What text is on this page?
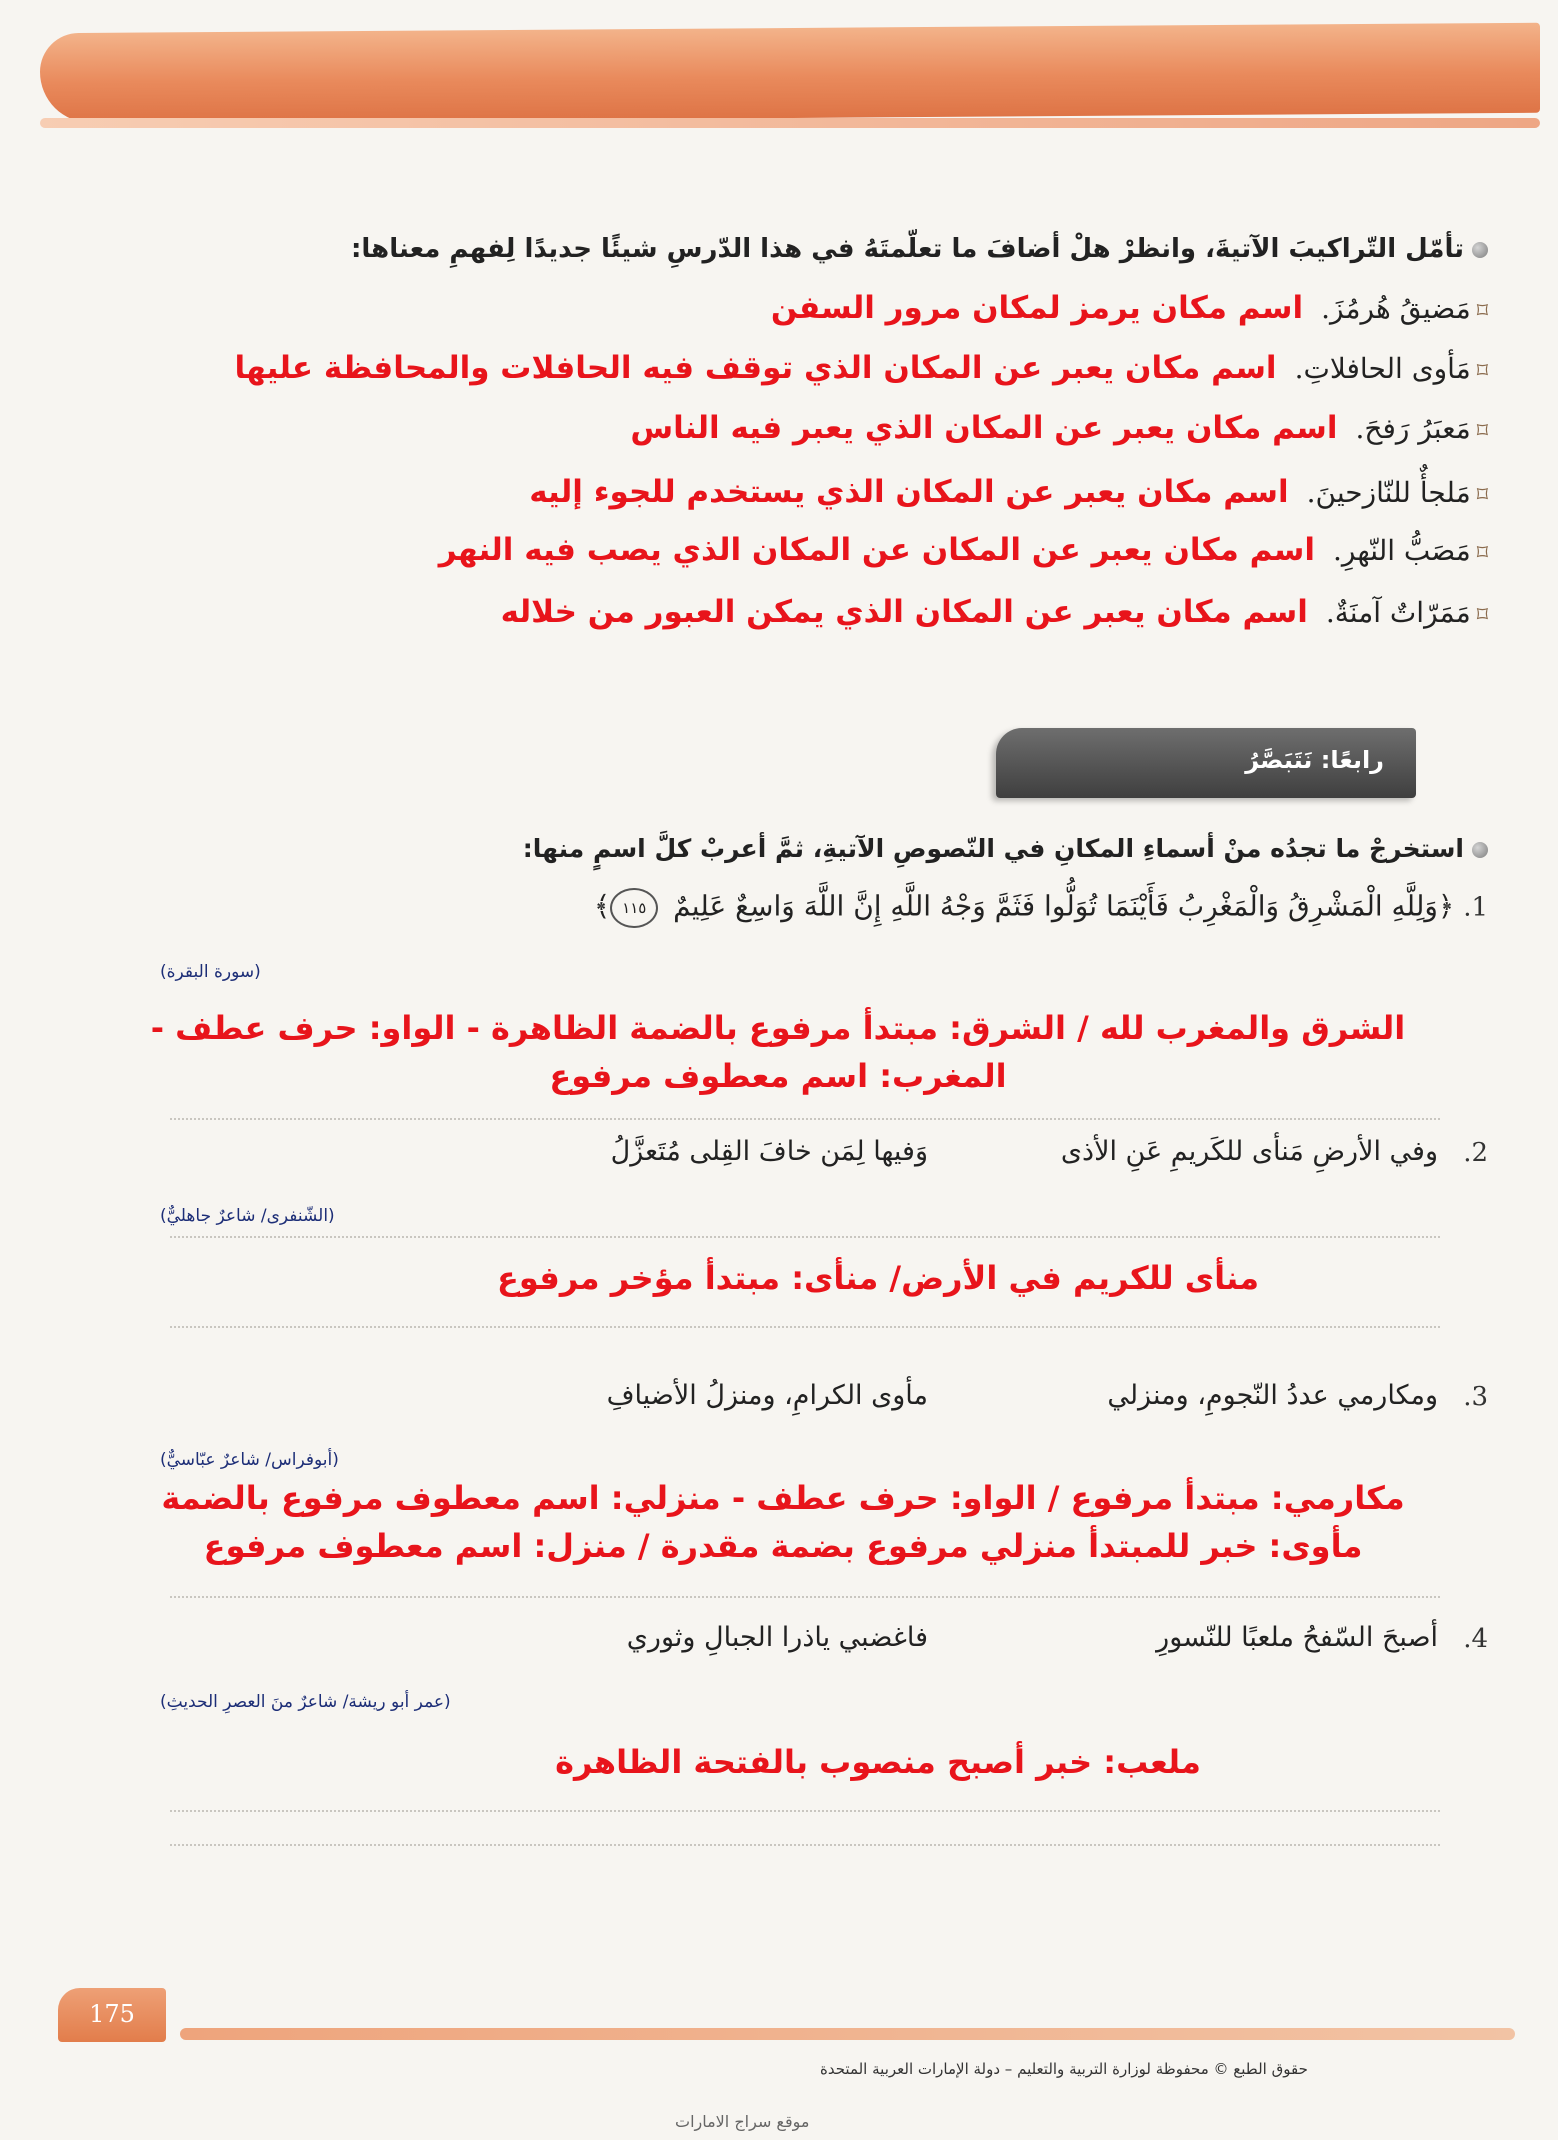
تأمّل التّراكيبَ الآتيةَ، وانظرْ هلْ أضافَ ما تعلّمتَهُ في هذا الدّرسِ شيئًا جديدًا لِفهمِ معناها:
⌑مَضيقُ هُرمُزَ.اسم مكان يرمز لمكان مرور السفن
⌑مَأوى الحافلاتِ.اسم مكان يعبر عن المكان الذي توقف فيه الحافلات والمحافظة عليها
⌑مَعبَرُ رَفحَ.اسم مكان يعبر عن المكان الذي يعبر فيه الناس
⌑مَلجأٌ للنّازحينَ.اسم مكان يعبر عن المكان الذي يستخدم للجوء إليه
⌑مَصَبُّ النّهرِ.اسم مكان يعبر عن المكان عن المكان الذي يصب فيه النهر
⌑مَمَرّاتٌ آمنَةٌ.اسم مكان يعبر عن المكان الذي يمكن العبور من خلاله
رابعًا: نَتَبَصَّرُ
استخرجْ ما تجدُه منْ أسماءِ المكانِ في النّصوصِ الآتيةِ، ثمَّ أعربْ كلَّ اسمٍ منها:
1. ﴿وَلِلَّهِ الْمَشْرِقُ وَالْمَغْرِبُ فَأَيْنَمَا تُوَلُّوا فَثَمَّ وَجْهُ اللَّهِ إِنَّ اللَّهَ وَاسِعٌ عَلِيمٌ ١١٥﴾
(سورة البقرة)
الشرق والمغرب لله / الشرق: مبتدأ مرفوع بالضمة الظاهرة - الواو: حرف عطف -
المغرب: اسم معطوف مرفوع
2.
وفي الأرضِ مَنأى للكَريمِ عَنِ الأذى
وَفيها لِمَن خافَ القِلى مُتَعزَّلُ
(الشّنفرى/ شاعرٌ جاهليٌّ)
منأى للكريم في الأرض/ منأى: مبتدأ مؤخر مرفوع
3.
ومكارمي عددُ النّجومِ، ومنزلي
مأوى الكرامِ، ومنزلُ الأضيافِ
(أبوفراس/ شاعرٌ عبّاسيٌّ)
مكارمي: مبتدأ مرفوع / الواو: حرف عطف - منزلي: اسم معطوف مرفوع بالضمة
مأوى: خبر للمبتدأ منزلي مرفوع بضمة مقدرة / منزل: اسم معطوف مرفوع
4.
أصبحَ السّفحُ ملعبًا للنّسورِ
فاغضبي ياذرا الجبالِ وثوري
(عمر أبو ريشة/ شاعرٌ منَ العصرِ الحديثِ)
ملعب: خبر أصبح منصوب بالفتحة الظاهرة
175
حقوق الطبع © محفوظة لوزارة التربية والتعليم – دولة الإمارات العربية المتحدة
موقع سراج الامارات
